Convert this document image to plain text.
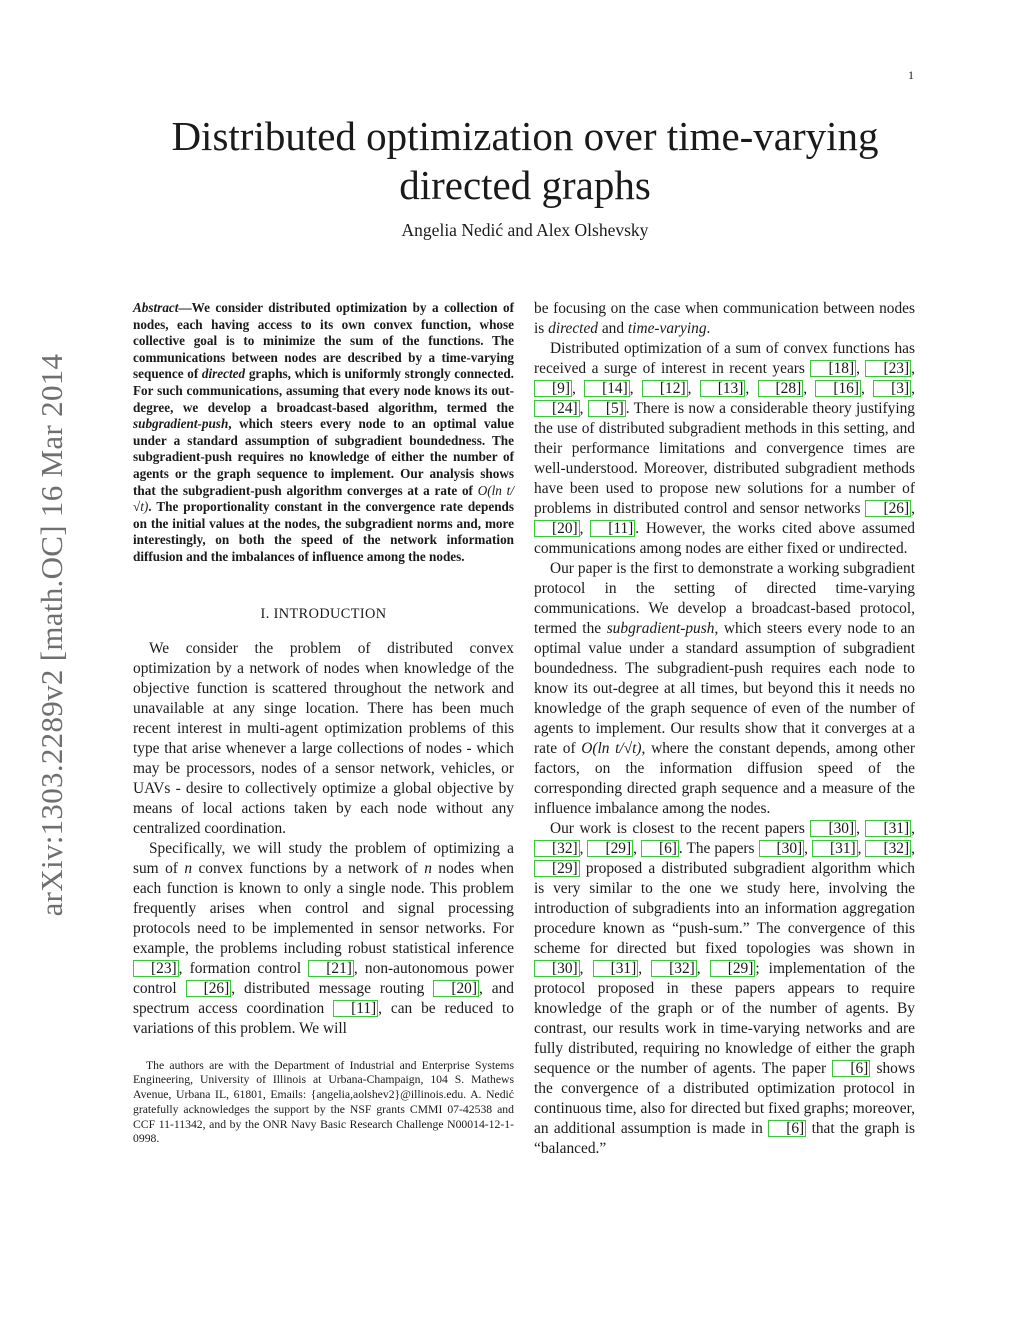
1
arXiv:1303.2289v2 [math.OC] 16 Mar 2014
Distributed optimization over time-varying directed graphs
Angelia Nedić and Alex Olshevsky

Abstract—We consider distributed optimization by a collection of nodes, each having access to its own convex function, whose collective goal is to minimize the sum of the functions. The communications between nodes are described by a time-varying sequence of directed graphs, which is uniformly strongly connected. For such communications, assuming that every node knows its out-degree, we develop a broadcast-based algorithm, termed the subgradient-push, which steers every node to an optimal value under a standard assumption of subgradient boundedness. The subgradient-push requires no knowledge of either the number of agents or the graph sequence to implement. Our analysis shows that the subgradient-push algorithm converges at a rate of O(ln t/√t). The proportionality constant in the convergence rate depends on the initial values at the nodes, the subgradient norms and, more interestingly, on both the speed of the network information diffusion and the imbalances of influence among the nodes.

I. INTRODUCTION

We consider the problem of distributed convex optimization by a network of nodes when knowledge of the objective function is scattered throughout the network and unavailable at any singe location. There has been much recent interest in multi-agent optimization problems of this type that arise whenever a large collections of nodes - which may be processors, nodes of a sensor network, vehicles, or UAVs - desire to collectively optimize a global objective by means of local actions taken by each node without any centralized coordination.

Specifically, we will study the problem of optimizing a sum of n convex functions by a network of n nodes when each function is known to only a single node. This problem frequently arises when control and signal processing protocols need to be implemented in sensor networks. For example, the problems including robust statistical inference [23] , formation control [21] , non-autonomous power control [26] , distributed message routing [20] , and spectrum access coordination [11] , can be reduced to variations of this problem. We will

The authors are with the Department of Industrial and Enterprise Systems Engineering, University of Illinois at Urbana-Champaign, 104 S. Mathews Avenue, Urbana IL, 61801, Emails: {angelia,aolshev2}@illinois.edu. A. Nedić gratefully acknowledges the support by the NSF grants CMMI 07-42538 and CCF 11-11342, and by the ONR Navy Basic Research Challenge N00014-12-1-0998.

be focusing on the case when communication between nodes is directed and time-varying.

Distributed optimization of a sum of convex functions has received a surge of interest in recent years [18] , [23] , [9] , [14] , [12] , [13] , [28] , [16] , [3] , [24] , [5] . There is now a considerable theory justifying the use of distributed subgradient methods in this setting, and their performance limitations and convergence times are well-understood. Moreover, distributed subgradient methods have been used to propose new solutions for a number of problems in distributed control and sensor networks [26] , [20] , [11] . However, the works cited above assumed communications among nodes are either fixed or undirected.

Our paper is the first to demonstrate a working subgradient protocol in the setting of directed time-varying communications. We develop a broadcast-based protocol, termed the subgradient-push, which steers every node to an optimal value under a standard assumption of subgradient boundedness. The subgradient-push requires each node to know its out-degree at all times, but beyond this it needs no knowledge of the graph sequence of even of the number of agents to implement. Our results show that it converges at a rate of O(ln t/√t), where the constant depends, among other factors, on the information diffusion speed of the corresponding directed graph sequence and a measure of the influence imbalance among the nodes.

Our work is closest to the recent papers [30] , [31] , [32] , [29] , [6] . The papers [30] , [31] , [32] , [29] proposed a distributed subgradient algorithm which is very similar to the one we study here, involving the introduction of subgradients into an information aggregation procedure known as “push-sum.” The convergence of this scheme for directed but fixed topologies was shown in [30] , [31] , [32] , [29] ; implementation of the protocol proposed in these papers appears to require knowledge of the graph or of the number of agents. By contrast, our results work in time-varying networks and are fully distributed, requiring no knowledge of either the graph sequence or the number of agents. The paper [6] shows the convergence of a distributed optimization protocol in continuous time, also for directed but fixed graphs; moreover, an additional assumption is made in [6] that the graph is “balanced.”
